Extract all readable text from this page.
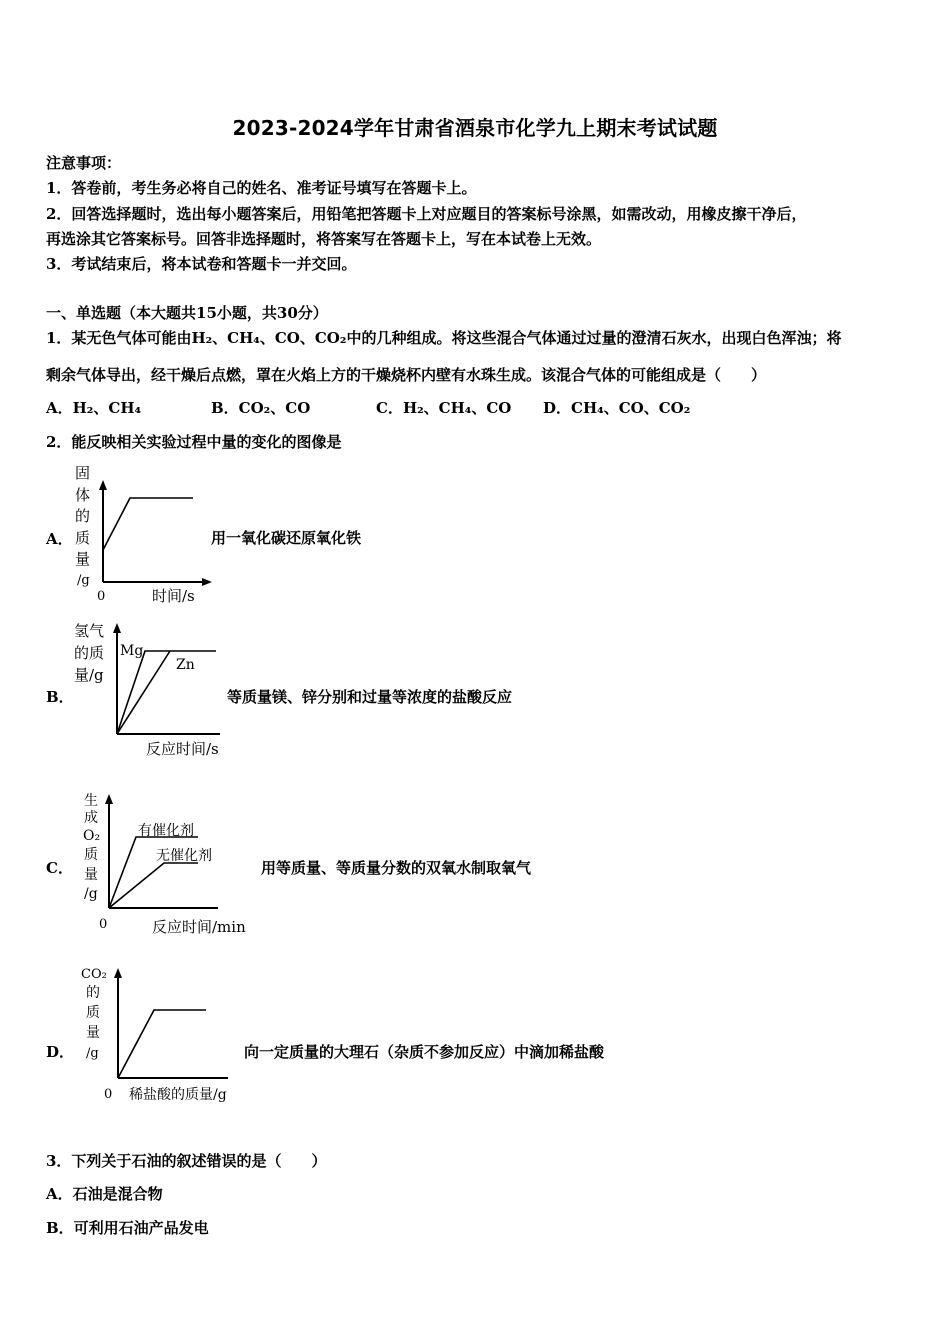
2023-2024学年甘肃省酒泉市化学九上期末考试试题
注意事项：
1．答卷前，考生务必将自己的姓名、准考证号填写在答题卡上。
2．回答选择题时，选出每小题答案后，用铅笔把答题卡上对应题目的答案标号涂黑，如需改动，用橡皮擦干净后，
再选涂其它答案标号。回答非选择题时，将答案写在答题卡上，写在本试卷上无效。
3．考试结束后，将本试卷和答题卡一并交回。
一、单选题（本大题共15小题，共30分）
1．某无色气体可能由H₂、CH₄、CO、CO₂中的几种组成。将这些混合气体通过过量的澄清石灰水，出现白色浑浊；将
剩余气体导出，经干燥后点燃，罩在火焰上方的干燥烧杯内壁有水珠生成。该混合气体的可能组成是（　　）
A．H₂、CH₄	B．CO₂、CO	C．H₂、CH₄、CO D．CH₄、CO、CO₂
2．能反映相关实验过程中量的变化的图像是
A．
固
体
的
质
量
/g
0	时间/s
用一氧化碳还原氧化铁
B．
氢气
的质
量/g
Mg
Zn
反应时间/s
等质量镁、锌分别和过量等浓度的盐酸反应
C．
生
成
O₂
质
量
/g
有催化剂
无催化剂
0	反应时间/min
用等质量、等质量分数的双氧水制取氧气
D．
CO₂
的
质
量
/g
0 稀盐酸的质量/g
向一定质量的大理石（杂质不参加反应）中滴加稀盐酸
3．下列关于石油的叙述错误的是（　　）
A．石油是混合物
B．可利用石油产品发电
